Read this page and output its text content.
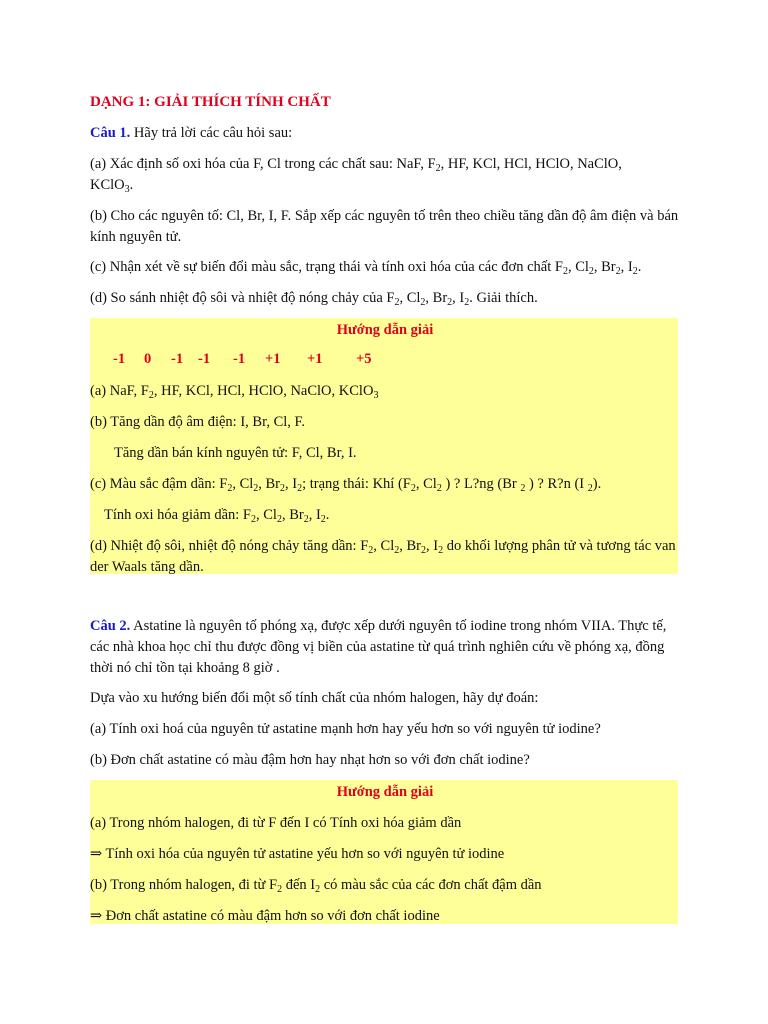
DẠNG 1: GIẢI THÍCH TÍNH CHẤT
Câu 1. Hãy trả lời các câu hỏi sau:
(a) Xác định số oxi hóa của F, Cl trong các chất sau: NaF, $F_2$, HF, KCl, HCl, HClO, NaClO,
KClO$_3$.
(b) Cho các nguyên tố: Cl, Br, I, F. Sắp xếp các nguyên tố trên theo chiều tăng dần độ âm điện và bán kính nguyên tử.
(c) Nhận xét về sự biến đổi màu sắc, trạng thái và tính oxi hóa của các đơn chất $F_2$, $Cl_2$, $Br_2$, $I_2$.
(d) So sánh nhiệt độ sôi và nhiệt độ nóng chảy của $F_2$, $Cl_2$, $Br_2$, $I_2$. Giải thích.
Hướng dẫn giải
-1 0 -1 -1 -1 +1 +1 +5
(a) NaF, $F_2$, HF, KCl, HCl, HClO, NaClO, KClO$_3$
(b) Tăng dần độ âm điện: I, Br, Cl, F.
Tăng dần bán kính nguyên tử: F, Cl, Br, I.
(c) Màu sắc đậm dần: $F_2$, $Cl_2$, $Br_2$, $I_2$; trạng thái: Khí ($F_2$, $Cl_2$ ) ? L?ng (Br $_2$ ) ? R?n (I $_2$).
Tính oxi hóa giảm dần: $F_2$, $Cl_2$, $Br_2$, $I_2$.
(d) Nhiệt độ sôi, nhiệt độ nóng chảy tăng dần: $F_2$, $Cl_2$, $Br_2$, $I_2$ do khối lượng phân tử và tương tác van der Waals tăng dần.
Câu 2. Astatine là nguyên tố phóng xạ, được xếp dưới nguyên tố iodine trong nhóm VIIA. Thực tế, các nhà khoa học chỉ thu được đồng vị biền của astatine từ quá trình nghiên cứu về phóng xạ, đồng thời nó chỉ tồn tại khoảng 8 giờ .
Dựa vào xu hướng biến đổi một số tính chất của nhóm halogen, hãy dự đoán:
(a) Tính oxi hoá của nguyên tử astatine mạnh hơn hay yếu hơn so với nguyên tử iodine?
(b) Đơn chất astatine có màu đậm hơn hay nhạt hơn so với đơn chất iodine?
Hướng dẫn giải
(a) Trong nhóm halogen, đi từ F đến I có Tính oxi hóa giảm dần
⇒ Tính oxi hóa của nguyên tử astatine yếu hơn so với nguyên tử iodine
(b) Trong nhóm halogen, đi từ $F_2$ đến $I_2$ có màu sắc của các đơn chất đậm dần
⇒ Đơn chất astatine có màu đậm hơn so với đơn chất iodine
